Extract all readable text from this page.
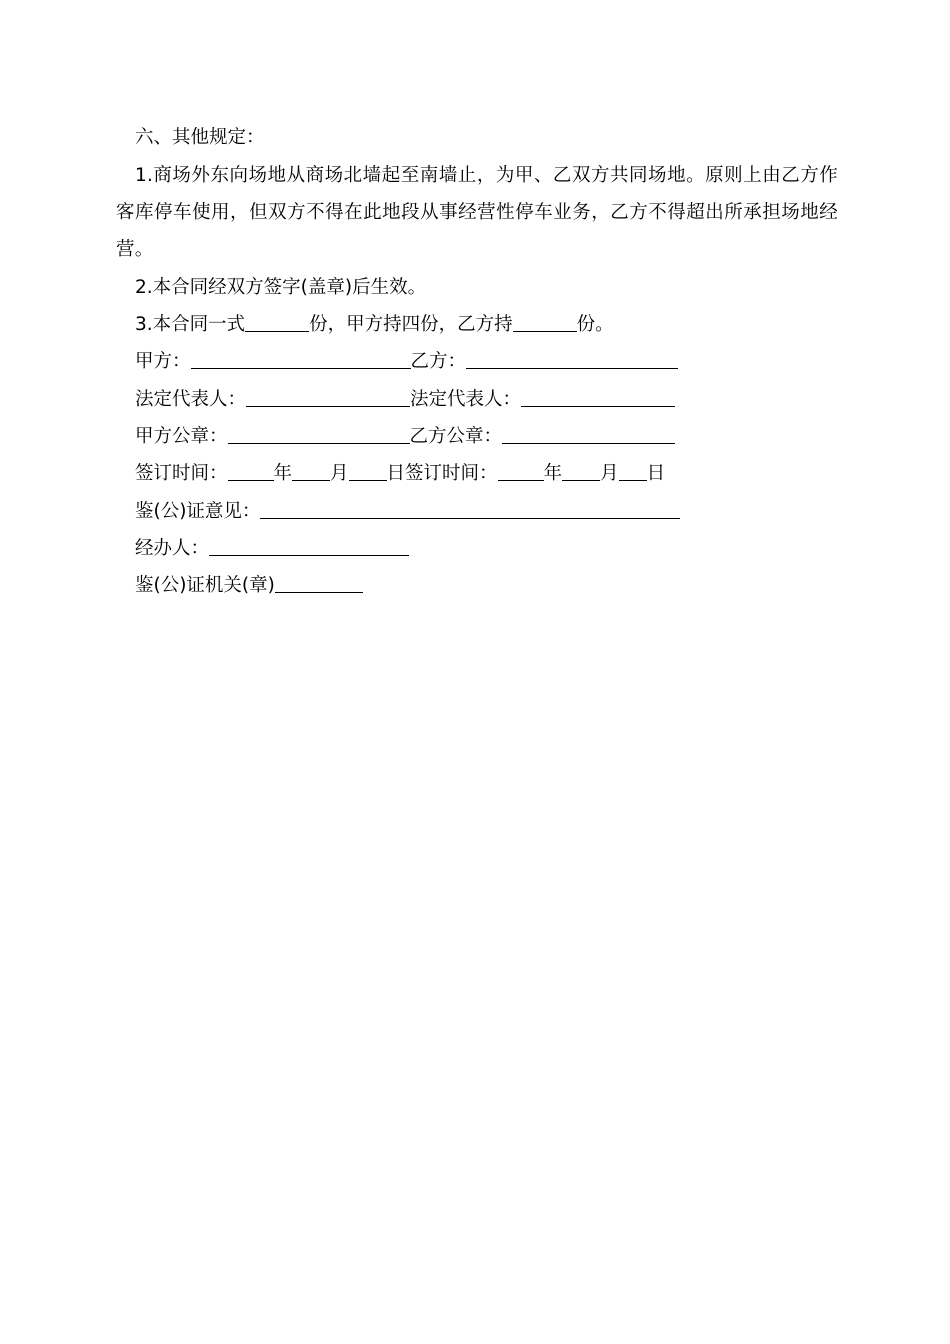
六、其他规定：
1.商场外东向场地从商场北墙起至南墙止，为甲、乙双方共同场地。原则上由乙方作客库停车使用，但双方不得在此地段从事经营性停车业务，乙方不得超出所承担场地经营。
2.本合同经双方签字(盖章)后生效。
3.本合同一式	份，甲方持四份，乙方持	份。
甲方：	乙方：
法定代表人：	法定代表人：
甲方公章：	乙方公章：
签订时间： 年 月 日签订时间： 年 月 日
鉴(公)证意见：
经办人：
鉴(公)证机关(章)
